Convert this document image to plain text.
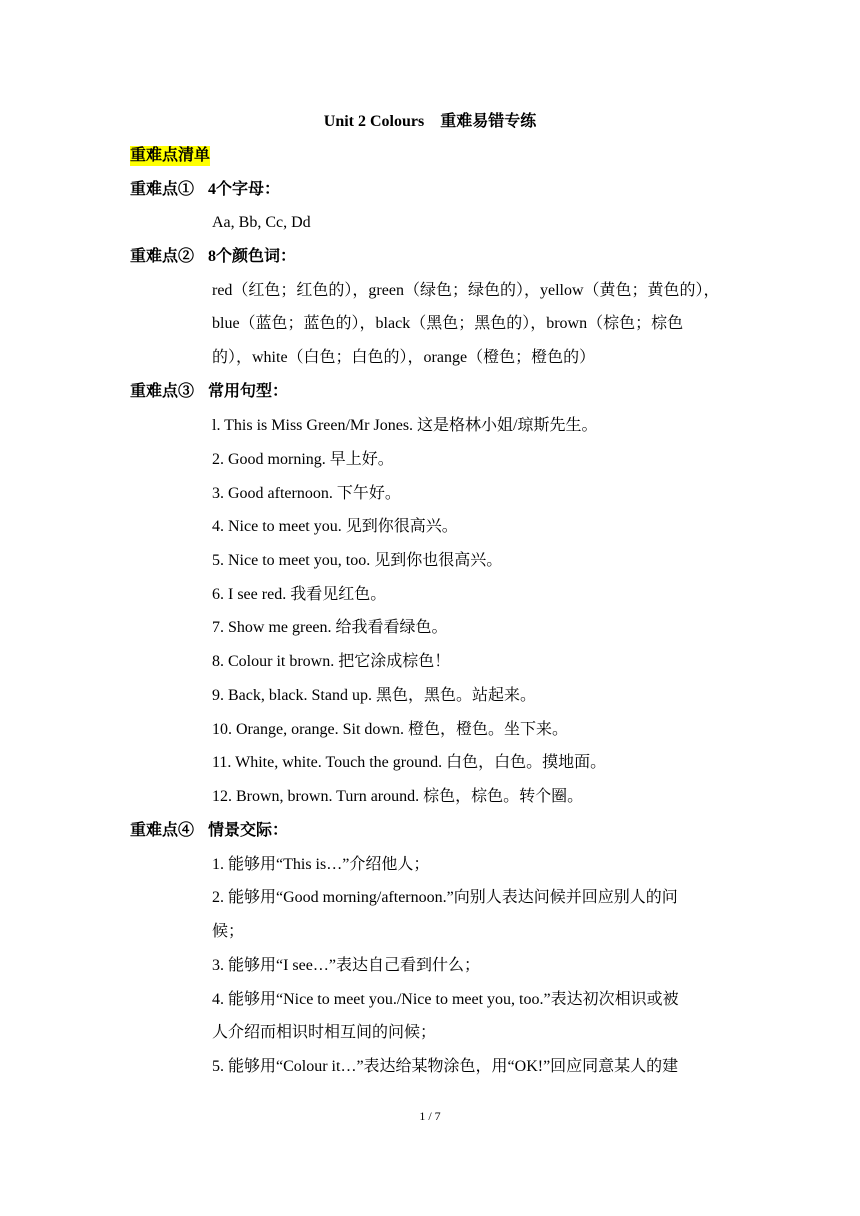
Unit 2 Colours　重难易错专练
重难点清单
重难点① 4个字母：
Aa, Bb, Cc, Dd
重难点② 8个颜色词：
red（红色；红色的），green（绿色；绿色的），yellow（黄色；黄色的），
blue（蓝色；蓝色的），black（黑色；黑色的），brown（棕色；棕色
的），white（白色；白色的），orange（橙色；橙色的）
重难点③ 常用句型：
l. This is Miss Green/Mr Jones. 这是格林小姐/琼斯先生。
2. Good morning. 早上好。
3. Good afternoon. 下午好。
4. Nice to meet you. 见到你很高兴。
5. Nice to meet you, too. 见到你也很高兴。
6. I see red. 我看见红色。
7. Show me green. 给我看看绿色。
8. Colour it brown. 把它涂成棕色！
9. Back, black. Stand up. 黑色，黑色。站起来。
10. Orange, orange. Sit down. 橙色，橙色。坐下来。
11. White, white. Touch the ground. 白色，白色。摸地面。
12. Brown, brown. Turn around. 棕色，棕色。转个圈。
重难点④ 情景交际：
1. 能够用“This is…”介绍他人；
2. 能够用“Good morning/afternoon.”向别人表达问候并回应别人的问
候；
3. 能够用“I see…”表达自己看到什么；
4. 能够用“Nice to meet you./Nice to meet you, too.”表达初次相识或被
人介绍而相识时相互间的问候；
5. 能够用“Colour it…”表达给某物涂色，用“OK!”回应同意某人的建
1 / 7
